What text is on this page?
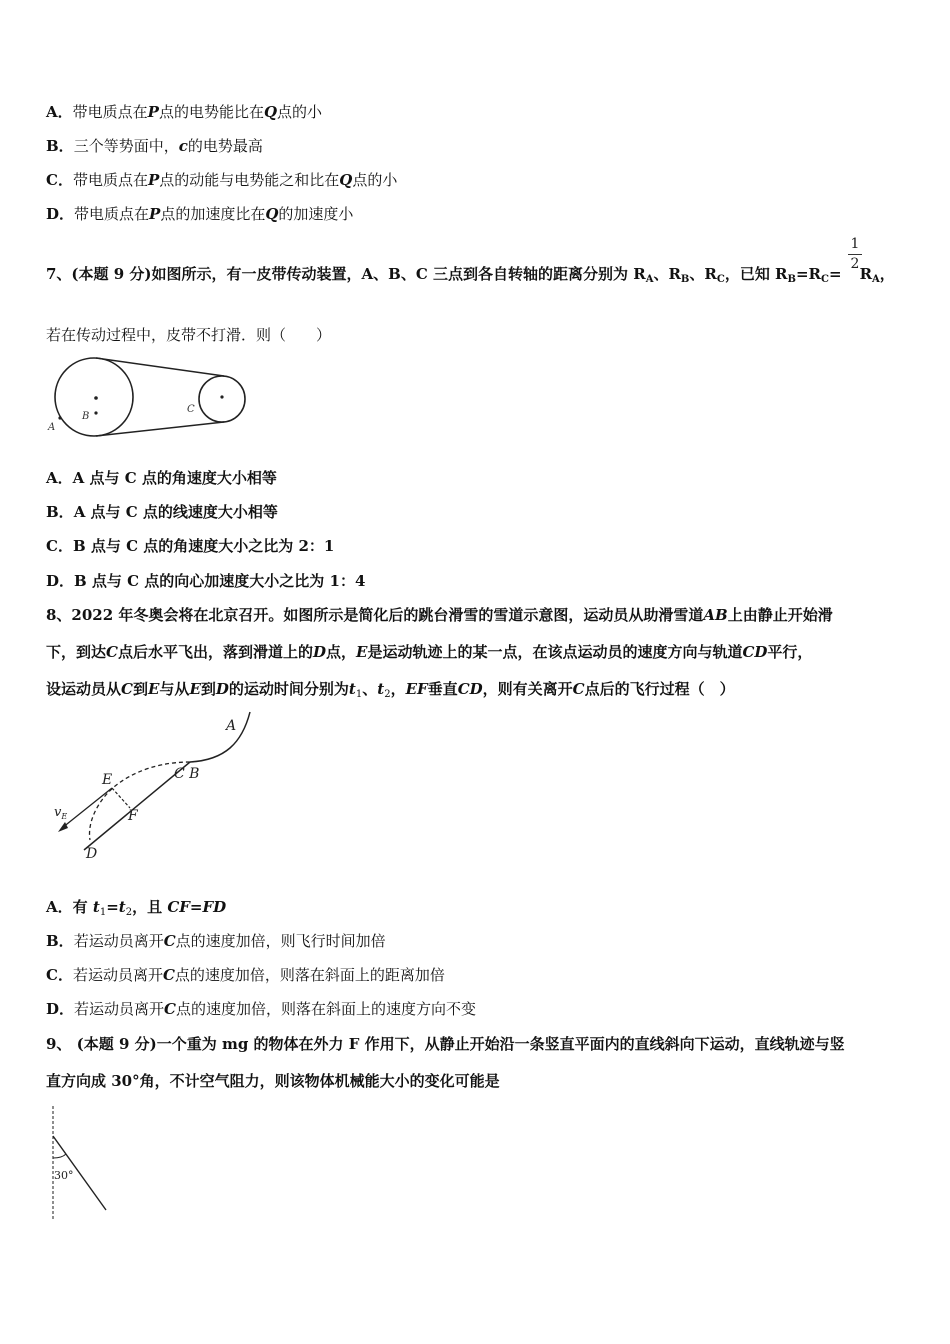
A．带电质点在P点的电势能比在Q点的小
B．三个等势面中，c的电势最高
C．带电质点在P点的动能与电势能之和比在Q点的小
D．带电质点在P点的加速度比在Q的加速度小
7、(本题 9 分)如图所示，有一皮带传动装置，A、B、C 三点到各自转轴的距离分别为 $R_A$、$R_B$、$R_C$，已知 $R_B=R_C= R_A$，
1
2
若在传动过程中，皮带不打滑．则（　　）
A
B
C
A．A 点与 C 点的角速度大小相等
B．A 点与 C 点的线速度大小相等
C．B 点与 C 点的角速度大小之比为 2：1
D．B 点与 C 点的向心加速度大小之比为 1：4
8、2022 年冬奥会将在北京召开。如图所示是简化后的跳台滑雪的雪道示意图，运动员从助滑雪道AB上由静止开始滑
下，到达C点后水平飞出，落到滑道上的D点，E是运动轨迹上的某一点，在该点运动员的速度方向与轨道CD平行，
设运动员从C到E与从E到D的运动时间分别为$t_1$、$t_2$，EF垂直CD，则有关离开C点后的飞行过程（　）
A
C B
E
F
D
$v_E$
A．有 $t_1=t_2$，且 CF=FD
B．若运动员离开C点的速度加倍，则飞行时间加倍
C．若运动员离开C点的速度加倍，则落在斜面上的距离加倍
D．若运动员离开C点的速度加倍，则落在斜面上的速度方向不变
9、 (本题 9 分)一个重为 mg 的物体在外力 F 作用下，从静止开始沿一条竖直平面内的直线斜向下运动，直线轨迹与竖
直方向成 30°角，不计空气阻力，则该物体机械能大小的变化可能是
30°
